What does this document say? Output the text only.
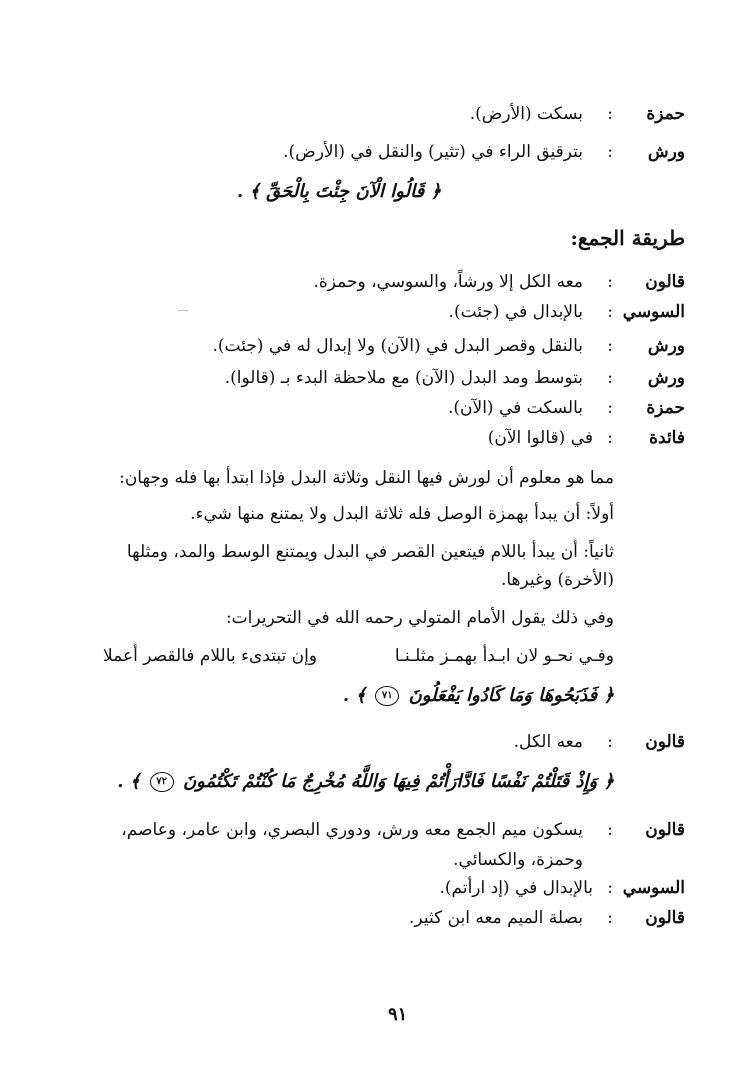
حمزة
:
بسكت (الأرض).
ورش
:
بترقيق الراء في (تثير) والنقل في (الأرض).
﴿ قَالُوا الْآنَ جِئْتَ بِالْحَقِّ ﴾ .
طريقة الجمع:
قالون
:
معه الكل إلا ورشاً، والسوسي، وحمزة.
السوسي
:
بالإبدال في (جئت).
ورش
:
بالنقل وقصر البدل في (الآن) ولا إبدال له في (جئت).
ورش
:
بتوسط ومد البدل (الآن) مع ملاحظة البدء بـ (قالوا).
حمزة
:
بالسكت في (الآن).
فائدة
:
في (قالوا الآن)
مما هو معلوم أن لورش فيها النقل وثلاثة البدل فإذا ابتدأ بها فله وجهان:
أولاً: أن يبدأ بهمزة الوصل فله ثلاثة البدل ولا يمتنع منها شيء.
ثانياً: أن يبدأ باللام فيتعين القصر في البدل ويمتنع الوسط والمد، ومثلها
(الأخرة) وغيرها.
وفي ذلك يقول الأمام المتولي رحمه الله في التحريرات:
وفـي نحـو لان ابـدأ بهمـز مثلـنـا
وإن تبتدىء باللام فالقصر أعملا
﴿ فَذَبَحُوهَا وَمَا كَادُوا يَفْعَلُونَ ٧١ ﴾ .
قالون
:
معه الكل.
﴿ وَإِذْ قَتَلْتُمْ نَفْسًا فَادَّارَأْتُمْ فِيهَا وَاللَّهُ مُخْرِجٌ مَا كُنْتُمْ تَكْتُمُونَ ٧٢ ﴾ .
قالون
:
يسكون ميم الجمع معه ورش، ودوري البصري، وابن عامر، وعاصم،
وحمزة، والكسائي.
السوسي
:
بالإبدال في (إد ارأتم).
قالون
:
بصلة الميم معه ابن كثير.
٩١
